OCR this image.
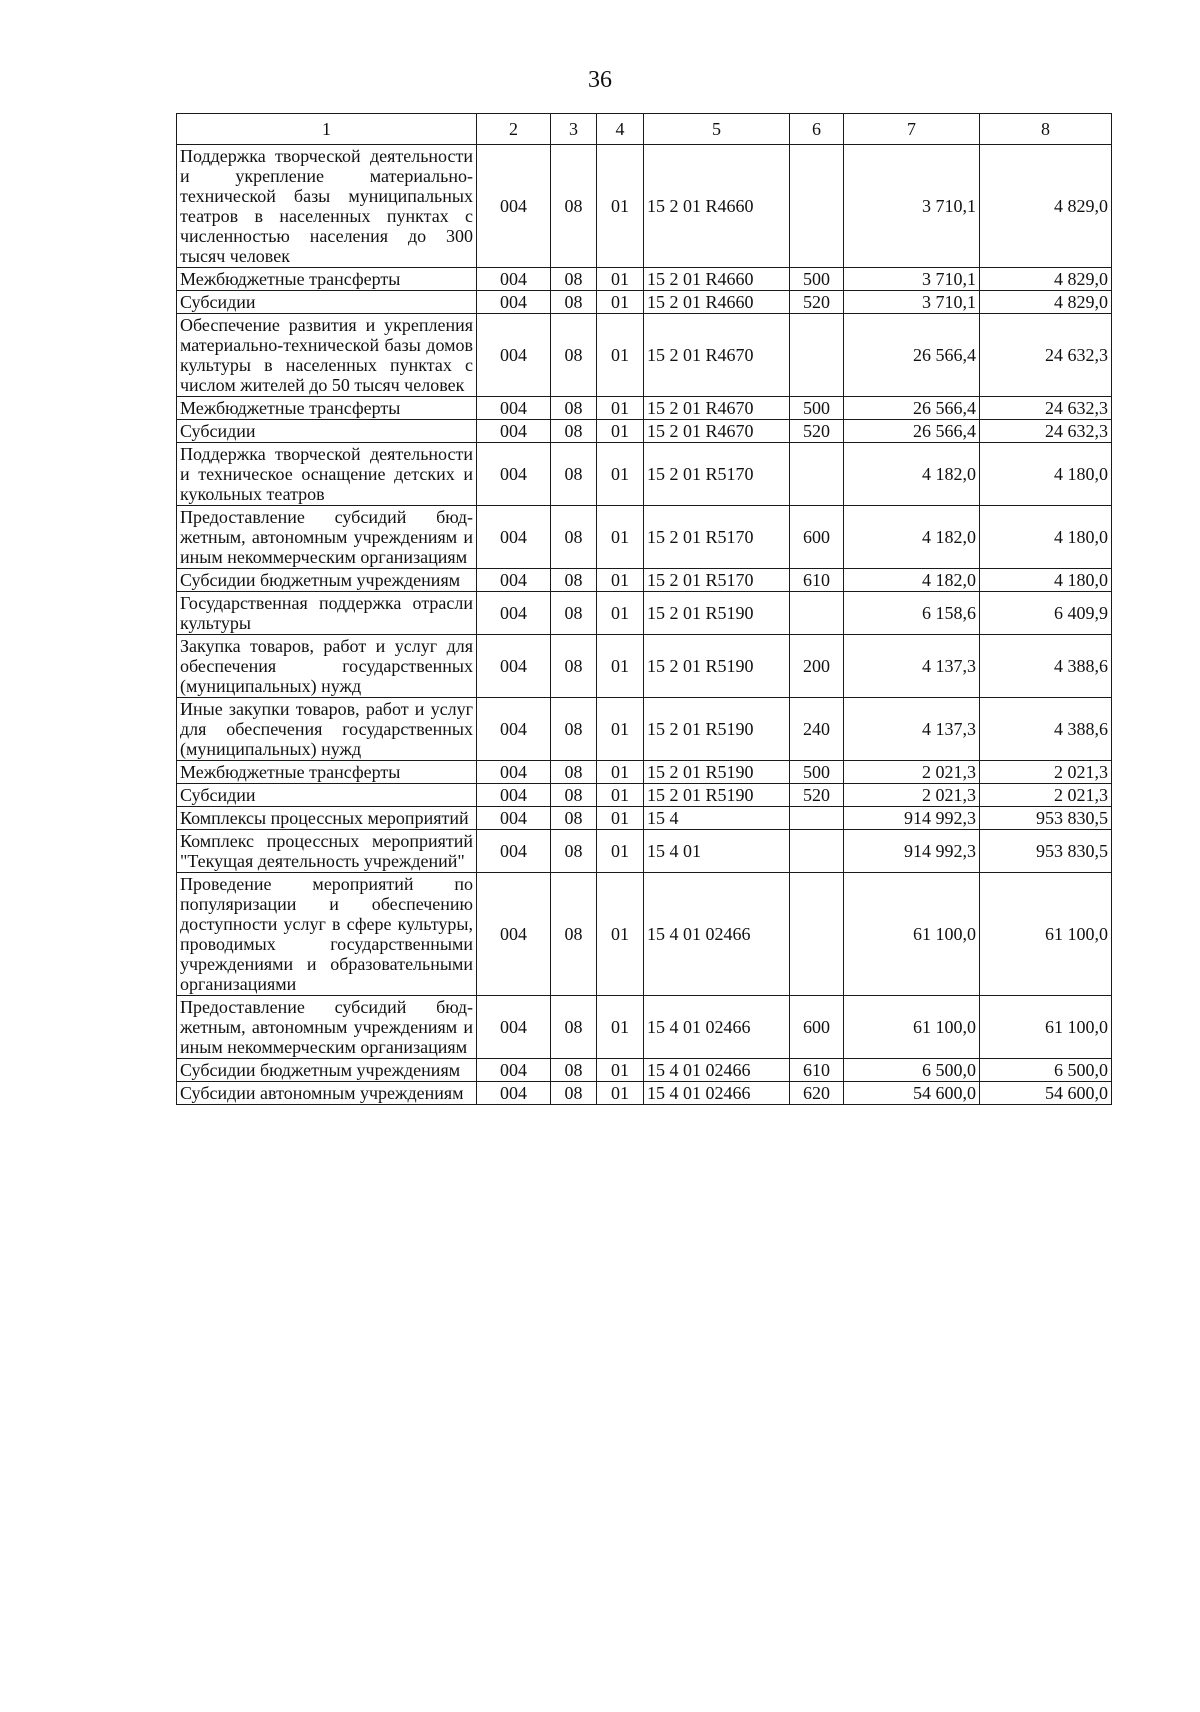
36
1	2	3	4	5	6	7	8
Поддержка творческой деятельности и укрепление материально-технической базы муниципальных театров в населенных пунктах с численностью населения до 300 тысяч человек	004	08	01	15 2 01 R4660		3 710,1	4 829,0
Межбюджетные трансферты	004	08	01	15 2 01 R4660	500	3 710,1	4 829,0
Субсидии	004	08	01	15 2 01 R4660	520	3 710,1	4 829,0
Обеспечение развития и укрепления материально-технической базы домов культуры в населенных пунктах с числом жителей до 50 тысяч человек	004	08	01	15 2 01 R4670		26 566,4	24 632,3
Межбюджетные трансферты	004	08	01	15 2 01 R4670	500	26 566,4	24 632,3
Субсидии	004	08	01	15 2 01 R4670	520	26 566,4	24 632,3
Поддержка творческой деятельности и техническое оснащение детских и кукольных театров	004	08	01	15 2 01 R5170		4 182,0	4 180,0
Предоставление субсидий бюджетным, автономным учреждениям и иным некоммерческим организациям	004	08	01	15 2 01 R5170	600	4 182,0	4 180,0
Субсидии бюджетным учреждениям	004	08	01	15 2 01 R5170	610	4 182,0	4 180,0
Государственная поддержка отрасли культуры	004	08	01	15 2 01 R5190		6 158,6	6 409,9
Закупка товаров, работ и услуг для обеспечения государственных (муниципальных) нужд	004	08	01	15 2 01 R5190	200	4 137,3	4 388,6
Иные закупки товаров, работ и услуг для обеспечения государственных (муниципальных) нужд	004	08	01	15 2 01 R5190	240	4 137,3	4 388,6
Межбюджетные трансферты	004	08	01	15 2 01 R5190	500	2 021,3	2 021,3
Субсидии	004	08	01	15 2 01 R5190	520	2 021,3	2 021,3
Комплексы процессных мероприятий	004	08	01	15 4		914 992,3	953 830,5
Комплекс процессных мероприятий "Текущая деятельность учреждений"	004	08	01	15 4 01		914 992,3	953 830,5
Проведение мероприятий по популяризации и обеспечению доступности услуг в сфере культуры, проводимых государственными учреждениями и образовательными организациями	004	08	01	15 4 01 02466		61 100,0	61 100,0
Предоставление субсидий бюджетным, автономным учреждениям и иным некоммерческим организациям	004	08	01	15 4 01 02466	600	61 100,0	61 100,0
Субсидии бюджетным учреждениям	004	08	01	15 4 01 02466	610	6 500,0	6 500,0
Субсидии автономным учреждениям	004	08	01	15 4 01 02466	620	54 600,0	54 600,0
